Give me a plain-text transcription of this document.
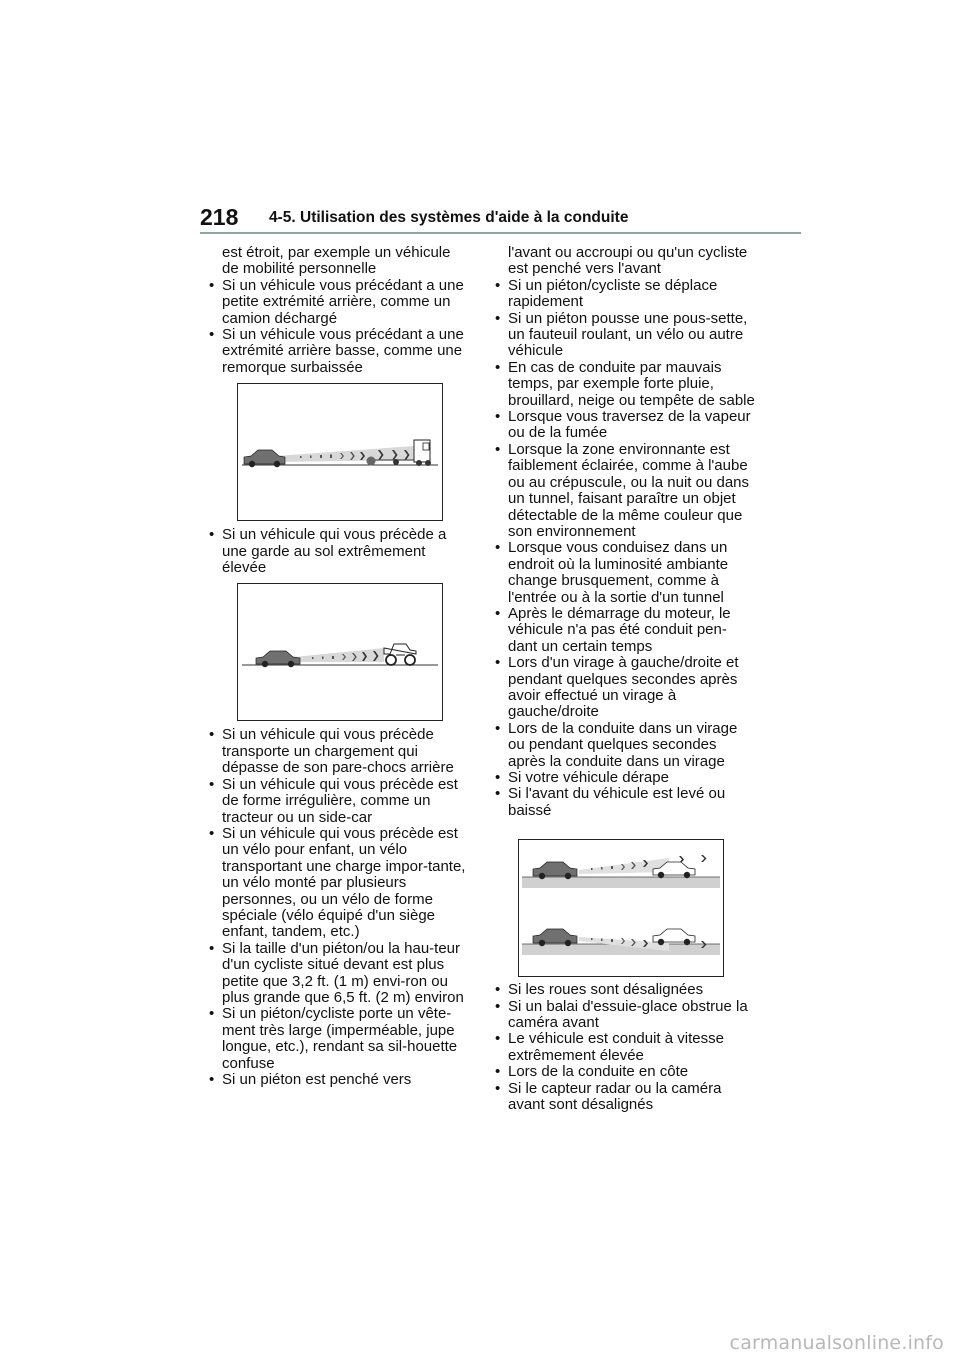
218 4-5. Utilisation des systèmes d'aide à la conduite

est étroit, par exemple un véhicule de mobilité personnelle

• Si un véhicule vous précédant a une petite extrémité arrière, comme un camion déchargé
• Si un véhicule vous précédant a une extrémité arrière basse, comme une remorque surbaissée
• Si un véhicule qui vous précède a une garde au sol extrêmement élevée
• Si un véhicule qui vous précède transporte un chargement qui dépasse de son pare-chocs arrière
• Si un véhicule qui vous précède est de forme irrégulière, comme un tracteur ou un side-car
• Si un véhicule qui vous précède est un vélo pour enfant, un vélo transportant une charge impor-tante, un vélo monté par plusieurs personnes, ou un vélo de forme spéciale (vélo équipé d'un siège enfant, tandem, etc.)
• Si la taille d'un piéton/ou la hau-teur d'un cycliste situé devant est plus petite que 3,2 ft. (1 m) envi-ron ou plus grande que 6,5 ft. (2 m) environ
• Si un piéton/cycliste porte un vête-ment très large (imperméable, jupe longue, etc.), rendant sa sil-houette confuse
• Si un piéton est penché vers

l'avant ou accroupi ou qu'un cycliste est penché vers l'avant

• Si un piéton/cycliste se déplace rapidement
• Si un piéton pousse une pous-sette, un fauteuil roulant, un vélo ou autre véhicule
• En cas de conduite par mauvais temps, par exemple forte pluie, brouillard, neige ou tempête de sable
• Lorsque vous traversez de la vapeur ou de la fumée
• Lorsque la zone environnante est faiblement éclairée, comme à l'aube ou au crépuscule, ou la nuit ou dans un tunnel, faisant paraître un objet détectable de la même couleur que son environnement
• Lorsque vous conduisez dans un endroit où la luminosité ambiante change brusquement, comme à l'entrée ou à la sortie d'un tunnel
• Après le démarrage du moteur, le véhicule n'a pas été conduit pen-dant un certain temps
• Lors d'un virage à gauche/droite et pendant quelques secondes après avoir effectué un virage à gauche/droite
• Lors de la conduite dans un virage ou pendant quelques secondes après la conduite dans un virage
• Si votre véhicule dérape
• Si l'avant du véhicule est levé ou baissé
• Si les roues sont désalignées
• Si un balai d'essuie-glace obstrue la caméra avant
• Le véhicule est conduit à vitesse extrêmement élevée
• Lors de la conduite en côte
• Si le capteur radar ou la caméra avant sont désalignés
carmanualsonline.info
